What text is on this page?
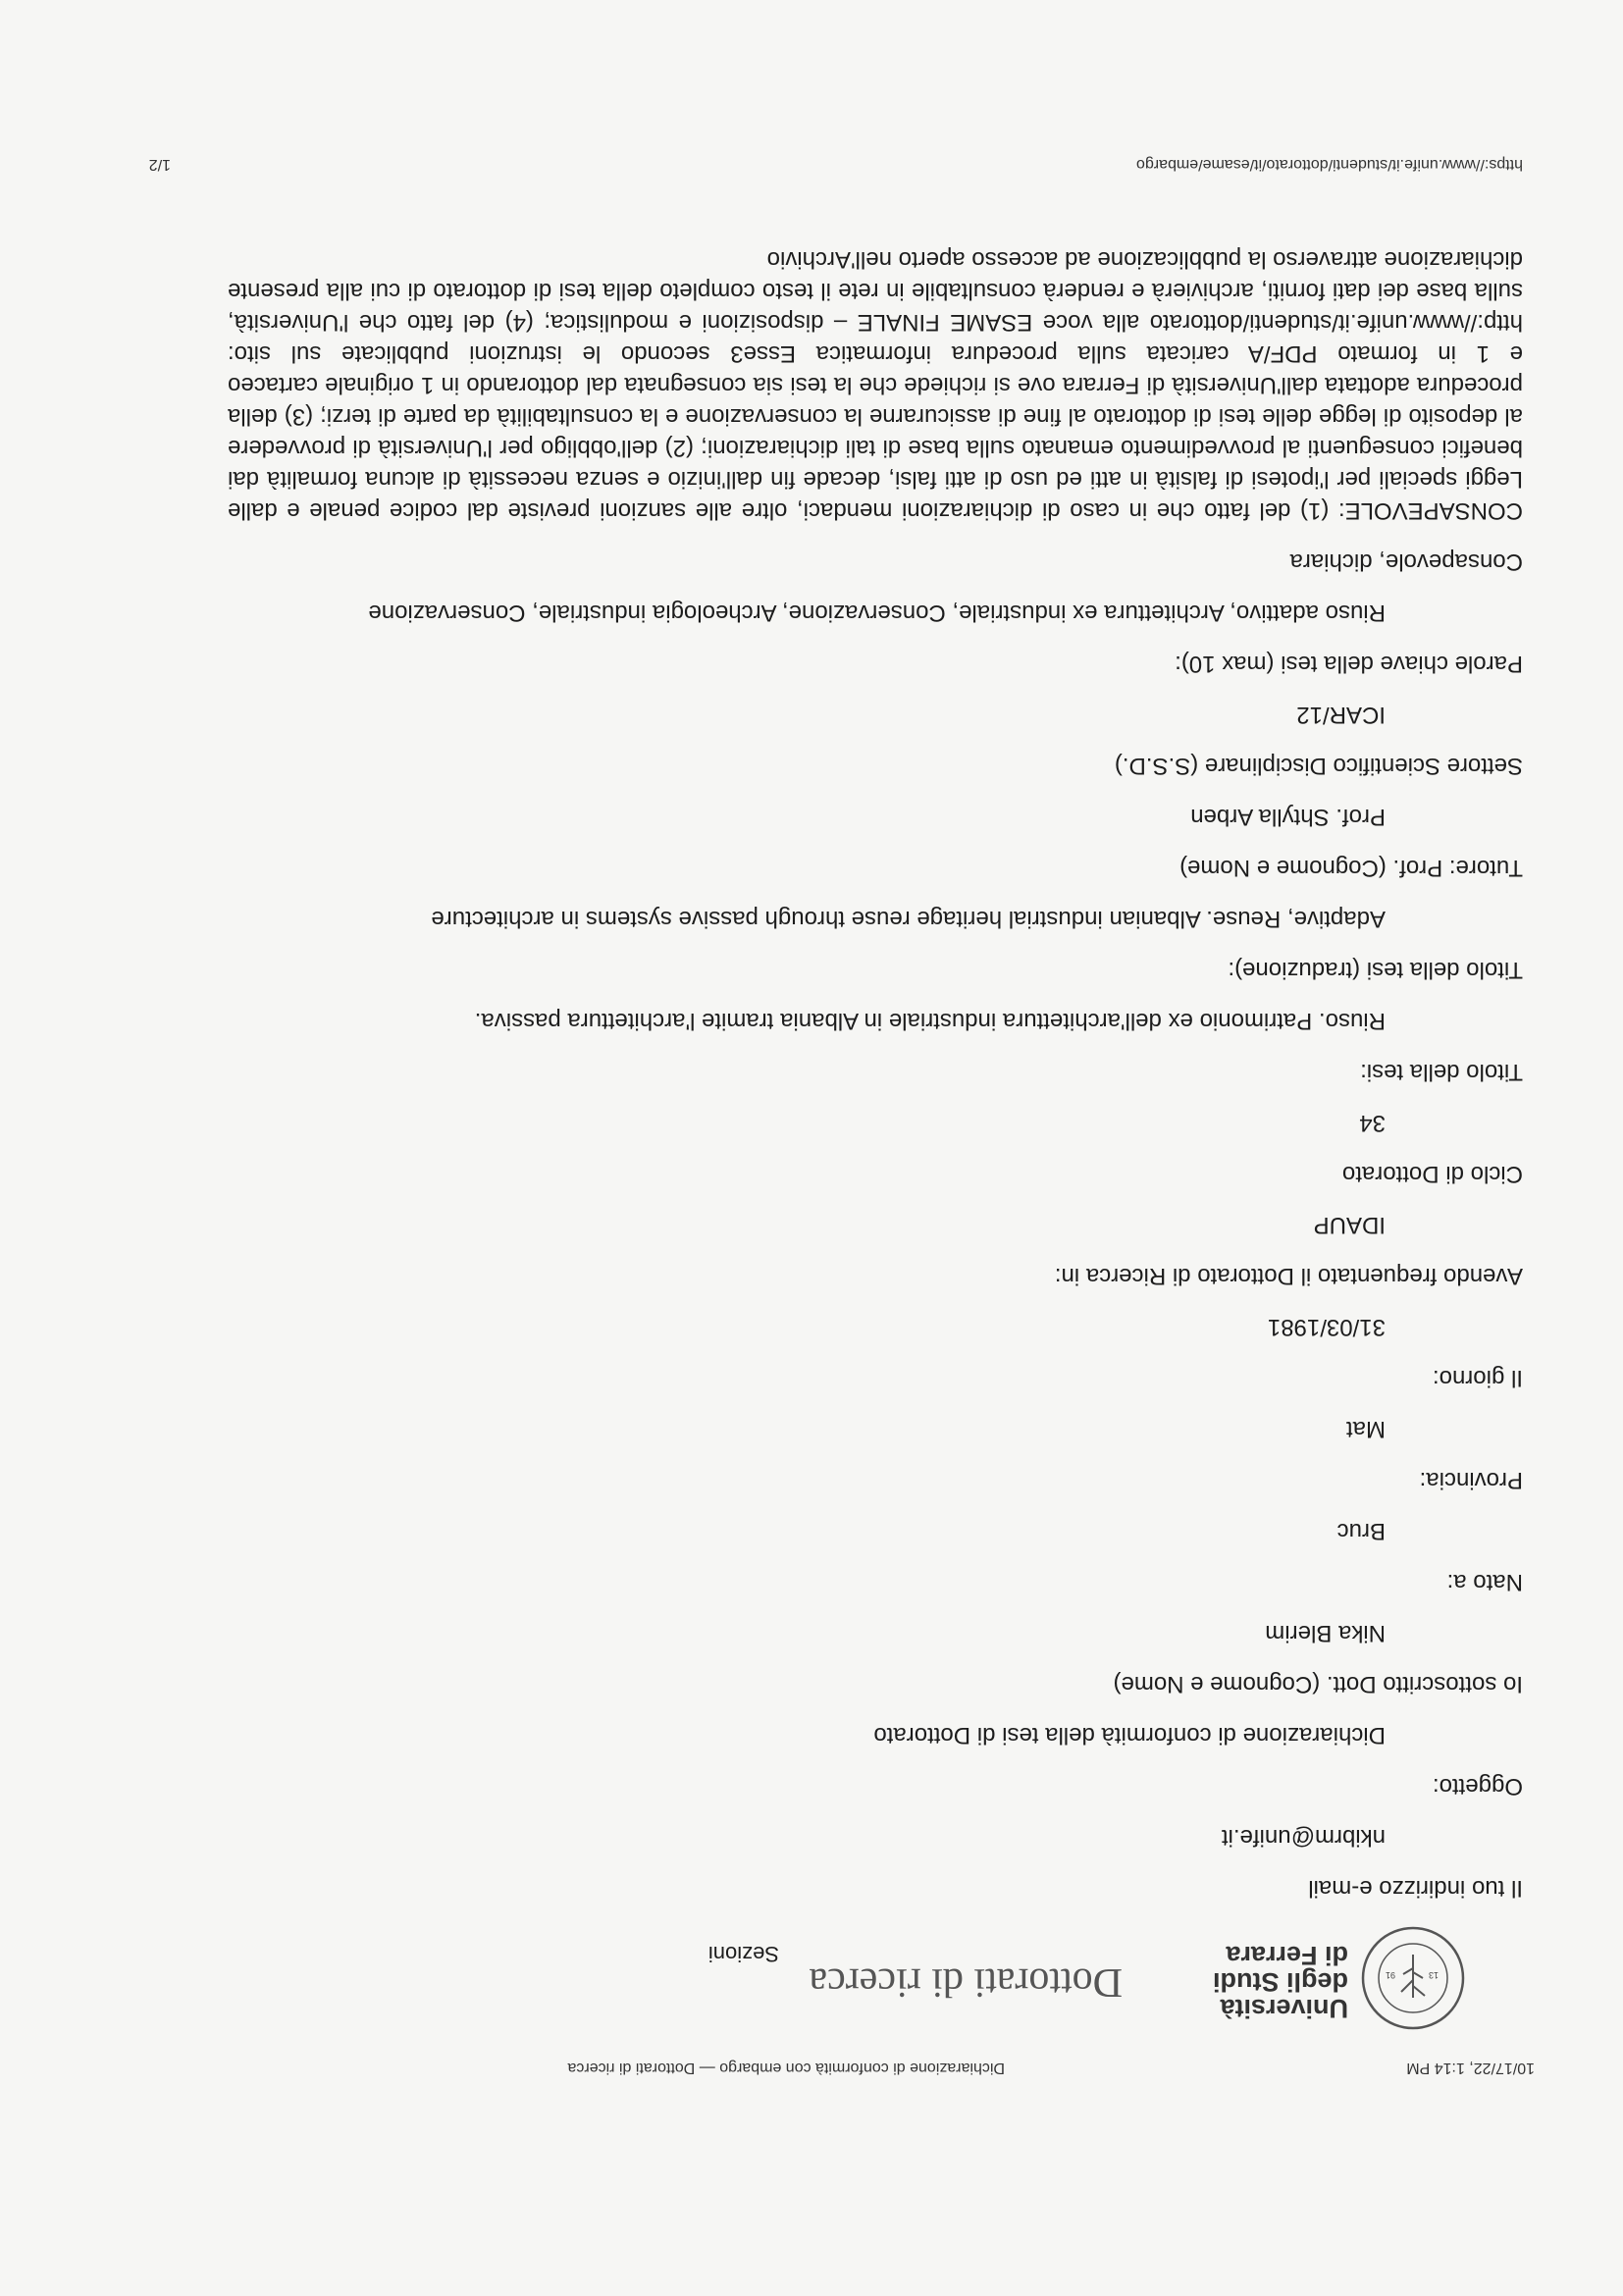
10/17/22, 1:14 PM
Dichiarazione di conformità con embargo — Dottorati di ricerca
13
91
Università
degli Studi
di Ferrara
Dottorati di ricerca
Sezioni
Il tuo indirizzo e-mail
nkibrm@unife.it
Oggetto:
Dichiarazione di conformità della tesi di Dottorato
Io sottoscritto Dott. (Cognome e Nome)
Nika Blerim
Nato a:
Bruc
Provincia:
Mat
Il giorno:
31/03/1981
Avendo frequentato il Dottorato di Ricerca in:
IDAUP
Ciclo di Dottorato
34
Titolo della tesi:
Riuso. Patrimonio ex dell'architettura industriale in Albania tramite l'architettura passiva.
Titolo della tesi (traduzione):
Adaptive, Reuse. Albanian industrial heritage reuse through passive systems in architecture
Tutore: Prof. (Cognome e Nome)
Prof. Shtylla Arben
Settore Scientifico Disciplinare (S.S.D.)
ICAR/12
Parole chiave della tesi (max 10):
Riuso adattivo, Architettura ex industriale, Conservazione, Archeologia industriale, Conservazione
Consapevole, dichiara
CONSAPEVOLE: (1) del fatto che in caso di dichiarazioni mendaci, oltre alle sanzioni previste dal codice penale e dalle Leggi speciali per l'ipotesi di falsità in atti ed uso di atti falsi, decade fin dall'inizio e senza necessità di alcuna formalità dai benefici conseguenti al provvedimento emanato sulla base di tali dichiarazioni; (2) dell'obbligo per l'Università di provvedere al deposito di legge delle tesi di dottorato al fine di assicurarne la conservazione e la consultabilità da parte di terzi; (3) della procedura adottata dall'Università di Ferrara ove si richiede che la tesi sia consegnata dal dottorando in 1 originale cartaceo e 1 in formato PDF/A caricata sulla procedura informatica Esse3 secondo le istruzioni pubblicate sul sito: http://www.unife.it/studenti/dottorato alla voce ESAME FINALE – disposizioni e modulistica; (4) del fatto che l'Università, sulla base dei dati forniti, archivierà e renderà consultabile in rete il testo completo della tesi di dottorato di cui alla presente dichiarazione attraverso la pubblicazione ad accesso aperto nell'Archivio
https://www.unife.it/studenti/dottorato/it/esame/embargo
1/2
